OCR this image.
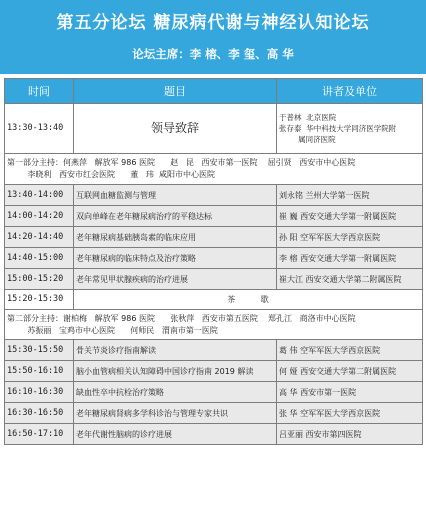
第五分论坛 糖尿病代谢与神经认知论坛
论坛主席：李 榕、李 玺、高 华
时间	题目	讲者及单位
13:30-13:40	领导致辞	于普林  北京医院
张存泰  华中科技大学同济医学院附
属同济医院
第一部分主持：何燕萍   解放军 986 医院      赵   昆   西安市第一医院    屈引贤   西安市中心医院
李晓利   西安市红会医院      董   玮  咸阳市中心医院		
13:40-14:00	互联网血糖监测与管理	刘永铭 兰州大学第一医院
14:00-14:20	双向单峰在老年糖尿病治疗的平稳达标	崔 巍 西安交通大学第一附属医院
14:20-14:40	老年糖尿病基础胰岛素的临床应用	孙 阳 空军军医大学西京医院
14:40-15:00	老年糖尿病的临床特点及治疗策略	李 榕 西安交通大学第一附属医院
15:00-15:20	老年常见甲状腺疾病的治疗进展	崔大江 西安交通大学第二附属医院
15:20-15:30	茶          歇	
第二部分主持：谢柏梅   解放军 986 医院      张秋萍   西安市第五医院    郑孔江   商洛市中心医院
苏振丽   宝鸡市中心医院      何师民   渭南市第一医院		
15:30-15:50	骨关节炎诊疗指南解读	葛 伟 空军军医大学西京医院
15:50-16:10	脑小血管病相关认知障碍中国诊疗指南 2019 解读	何 娅 西安交通大学第二附属医院
16:10-16:30	缺血性卒中抗栓治疗策略	高 华 西安市第一医院
16:30-16:50	老年糖尿病肾病多学科诊治与管理专家共识	张 华 空军军医大学西京医院
16:50-17:10	老年代谢性脑病的诊疗进展	吕亚丽 西安市第四医院
